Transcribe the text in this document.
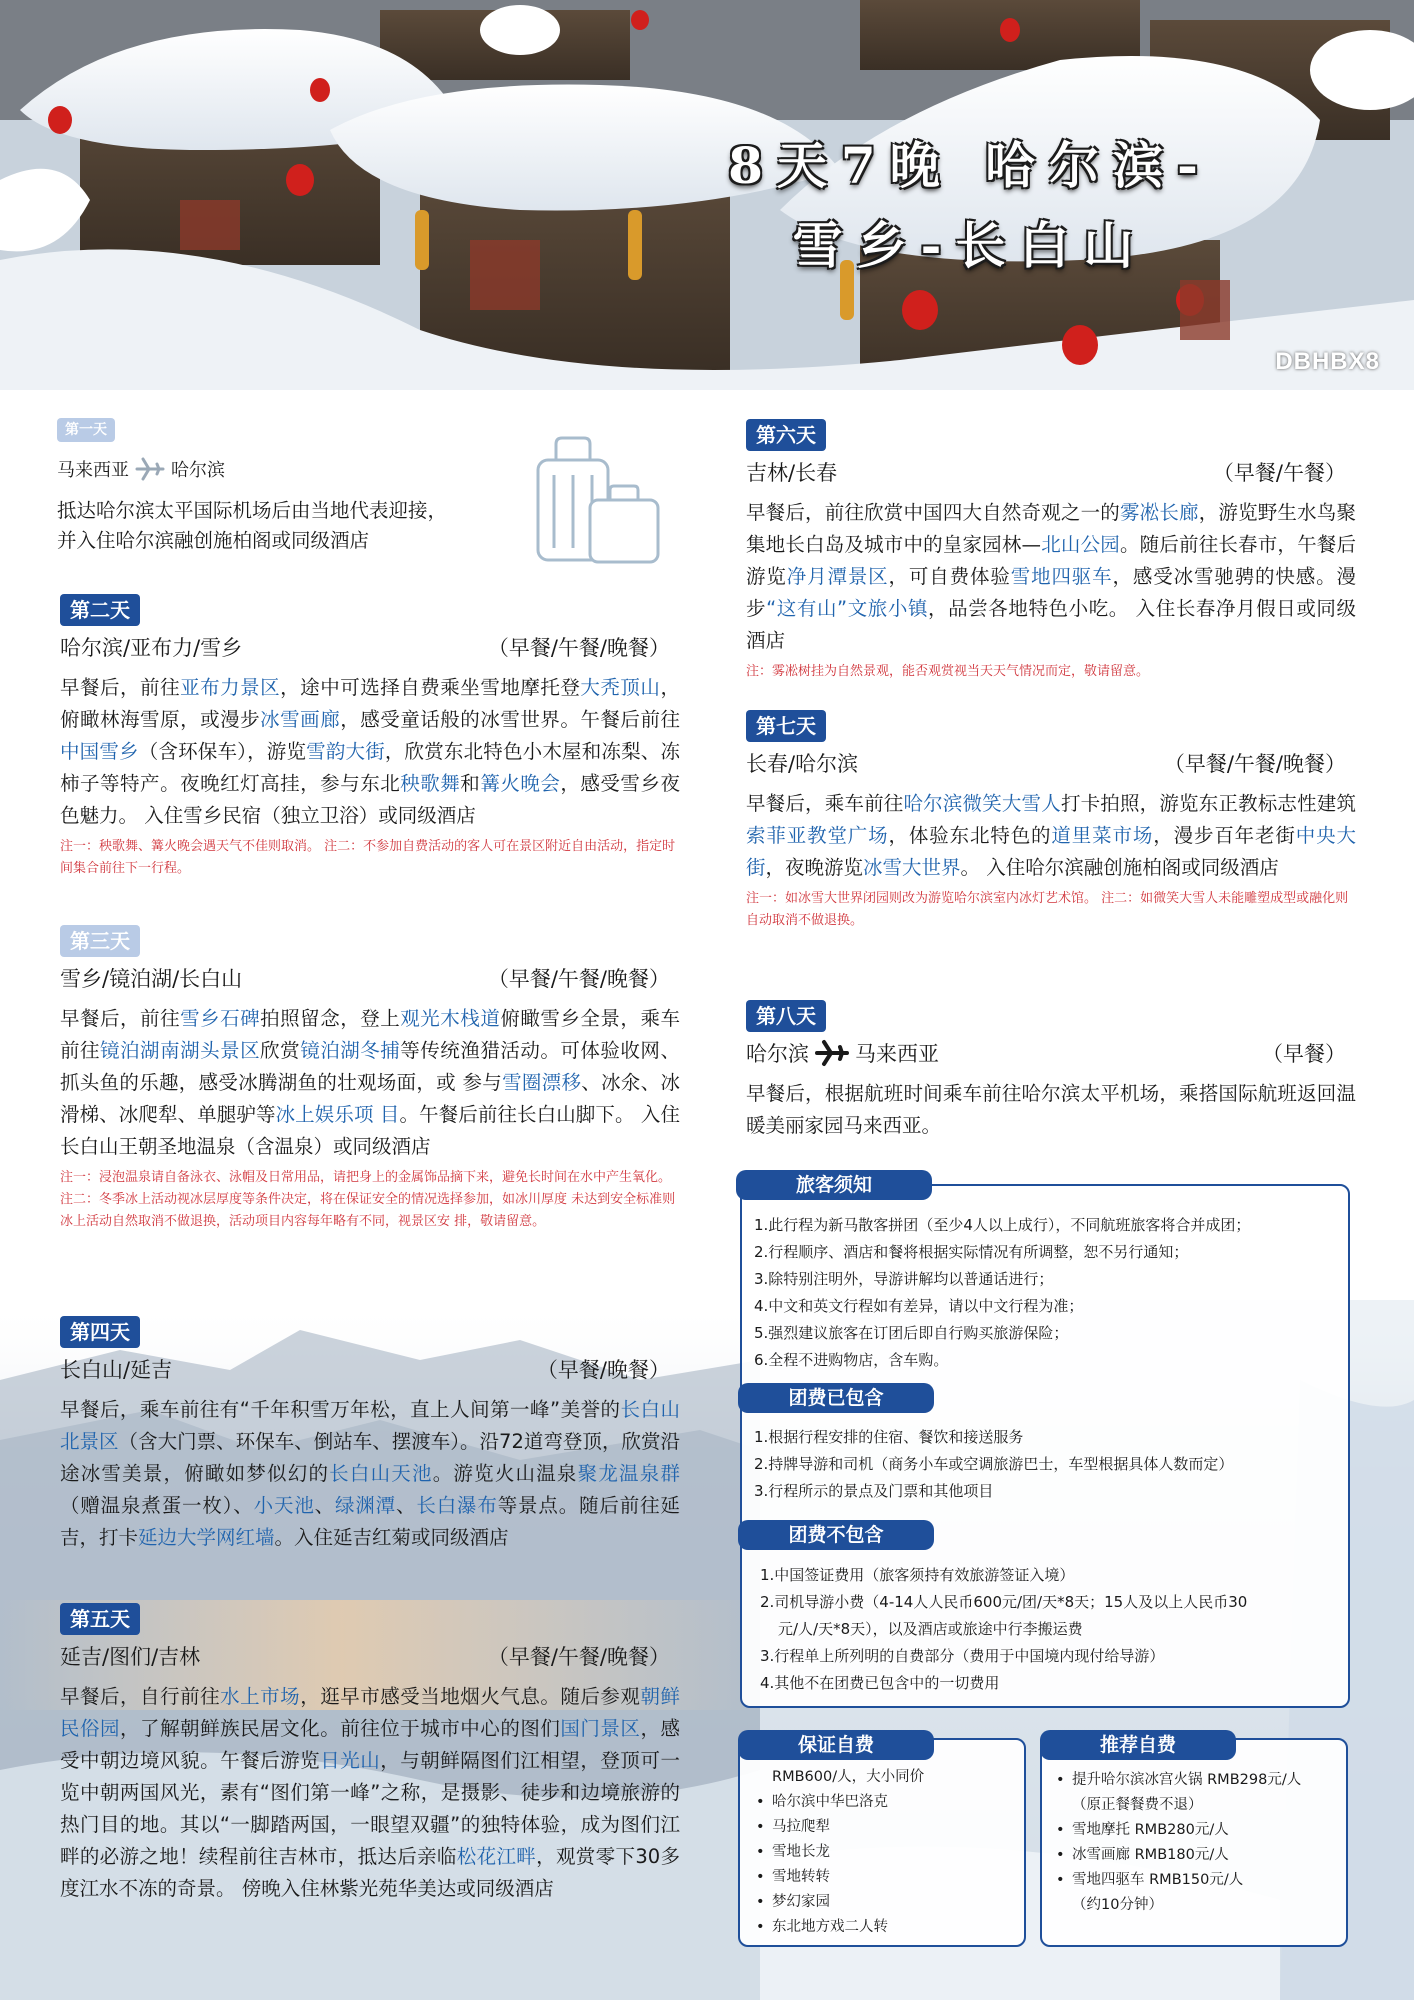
8天7晚 哈尔滨-
雪乡-长白山
DBHBX8
第一天
马来西亚 哈尔滨
抵达哈尔滨太平国际机场后由当地代表迎接，
并入住哈尔滨融创施柏阁或同级酒店
第二天
哈尔滨/亚布力/雪乡	（早餐/午餐/晚餐）
早餐后，前往亚布力景区，途中可选择自费乘坐雪地摩托登大秃顶山，俯瞰林海雪原，或漫步冰雪画廊，感受童话般的冰雪世界。午餐后前往中国雪乡（含环保车），游览雪韵大街，欣赏东北特色小木屋和冻梨、冻柿子等特产。夜晚红灯高挂，参与东北秧歌舞和篝火晚会，感受雪乡夜色魅力。 入住雪乡民宿（独立卫浴）或同级酒店
注一：秧歌舞、篝火晚会遇天气不佳则取消。 注二：不参加自费活动的客人可在景区附近自由活动，指定时间集合前往下一行程。
第三天
雪乡/镜泊湖/长白山	（早餐/午餐/晚餐）
早餐后，前往雪乡石碑拍照留念，登上观光木栈道俯瞰雪乡全景，乘车前往镜泊湖南湖头景区欣赏镜泊湖冬捕等传统渔猎活动。可体验收网、抓头鱼的乐趣，感受冰腾湖鱼的壮观场面，或 参与雪圈漂移、冰氽、冰滑梯、冰爬犁、单腿驴等冰上娱乐项 目。午餐后前往长白山脚下。 入住长白山王朝圣地温泉（含温泉）或同级酒店
注一：浸泡温泉请自备泳衣、泳帽及日常用品，请把身上的金属饰品摘下来，避免长时间在水中产生氧化。 注二：冬季冰上活动视冰层厚度等条件决定，将在保证安全的情况选择参加，如冰川厚度 未达到安全标准则冰上活动自然取消不做退换，活动项目内容每年略有不同，视景区安 排，敬请留意。
第四天
长白山/延吉	（早餐/晚餐）
早餐后，乘车前往有“千年积雪万年松，直上人间第一峰”美誉的长白山北景区（含大门票、环保车、倒站车、摆渡车）。沿72道弯登顶，欣赏沿途冰雪美景，俯瞰如梦似幻的长白山天池。游览火山温泉聚龙温泉群（赠温泉煮蛋一枚）、小天池、绿渊潭、长白瀑布等景点。随后前往延吉，打卡延边大学网红墙。入住延吉红菊或同级酒店
第五天
延吉/图们/吉林	（早餐/午餐/晚餐）
早餐后，自行前往水上市场，逛早市感受当地烟火气息。随后参观朝鲜民俗园，了解朝鲜族民居文化。前往位于城市中心的图们国门景区，感受中朝边境风貌。午餐后游览日光山，与朝鲜隔图们江相望，登顶可一览中朝两国风光，素有“图们第一峰”之称，是摄影、徒步和边境旅游的热门目的地。其以“一脚踏两国，一眼望双疆”的独特体验，成为图们江畔的必游之地！续程前往吉林市，抵达后亲临松花江畔，观赏零下30多度江水不冻的奇景。 傍晚入住林紫光苑华美达或同级酒店
第六天
吉林/长春	（早餐/午餐）
早餐后，前往欣赏中国四大自然奇观之一的雾凇长廊，游览野生水鸟聚集地长白岛及城市中的皇家园林—北山公园。随后前往长春市，午餐后游览净月潭景区，可自费体验雪地四驱车，感受冰雪驰骋的快感。漫步“这有山”文旅小镇，品尝各地特色小吃。 入住长春净月假日或同级酒店
注：雾凇树挂为自然景观，能否观赏视当天天气情况而定，敬请留意。
第七天
长春/哈尔滨	（早餐/午餐/晚餐）
早餐后，乘车前往哈尔滨微笑大雪人打卡拍照，游览东正教标志性建筑索菲亚教堂广场，体验东北特色的道里菜市场，漫步百年老街中央大街，夜晚游览冰雪大世界。 入住哈尔滨融创施柏阁或同级酒店
注一：如冰雪大世界闭园则改为游览哈尔滨室内冰灯艺术馆。 注二：如微笑大雪人未能雕塑成型或融化则自动取消不做退换。
第八天
哈尔滨 马来西亚	（早餐）
早餐后，根据航班时间乘车前往哈尔滨太平机场，乘搭国际航班返回温暖美丽家园马来西亚。
旅客须知
1.此行程为新马散客拼团（至少4人以上成行），不同航班旅客将合并成团；
2.行程顺序、酒店和餐将根据实际情况有所调整，恕不另行通知；
3.除特别注明外，导游讲解均以普通话进行；
4.中文和英文行程如有差异，请以中文行程为准；
5.强烈建议旅客在订团后即自行购买旅游保险；
6.全程不进购物店，含车购。
团费已包含
1.根据行程安排的住宿、餐饮和接送服务
2.持牌导游和司机（商务小车或空调旅游巴士，车型根据具体人数而定）
3.行程所示的景点及门票和其他项目
团费不包含
1.中国签证费用（旅客须持有效旅游签证入境）
2.司机导游小费（4-14人人民币600元/团/天*8天；15人及以上人民币30
元/人/天*8天），以及酒店或旅途中行李搬运费
3.行程单上所列明的自费部分（费用于中国境内现付给导游）
4.其他不在团费已包含中的一切费用
保证自费
RMB600/人，大小同价
• 哈尔滨中华巴洛克
• 马拉爬犁
• 雪地长龙
• 雪地转转
• 梦幻家园
• 东北地方戏二人转
推荐自费
• 提升哈尔滨冰宫火锅 RMB298元/人
（原正餐餐费不退）
• 雪地摩托 RMB280元/人
• 冰雪画廊 RMB180元/人
• 雪地四驱车 RMB150元/人
（约10分钟）
